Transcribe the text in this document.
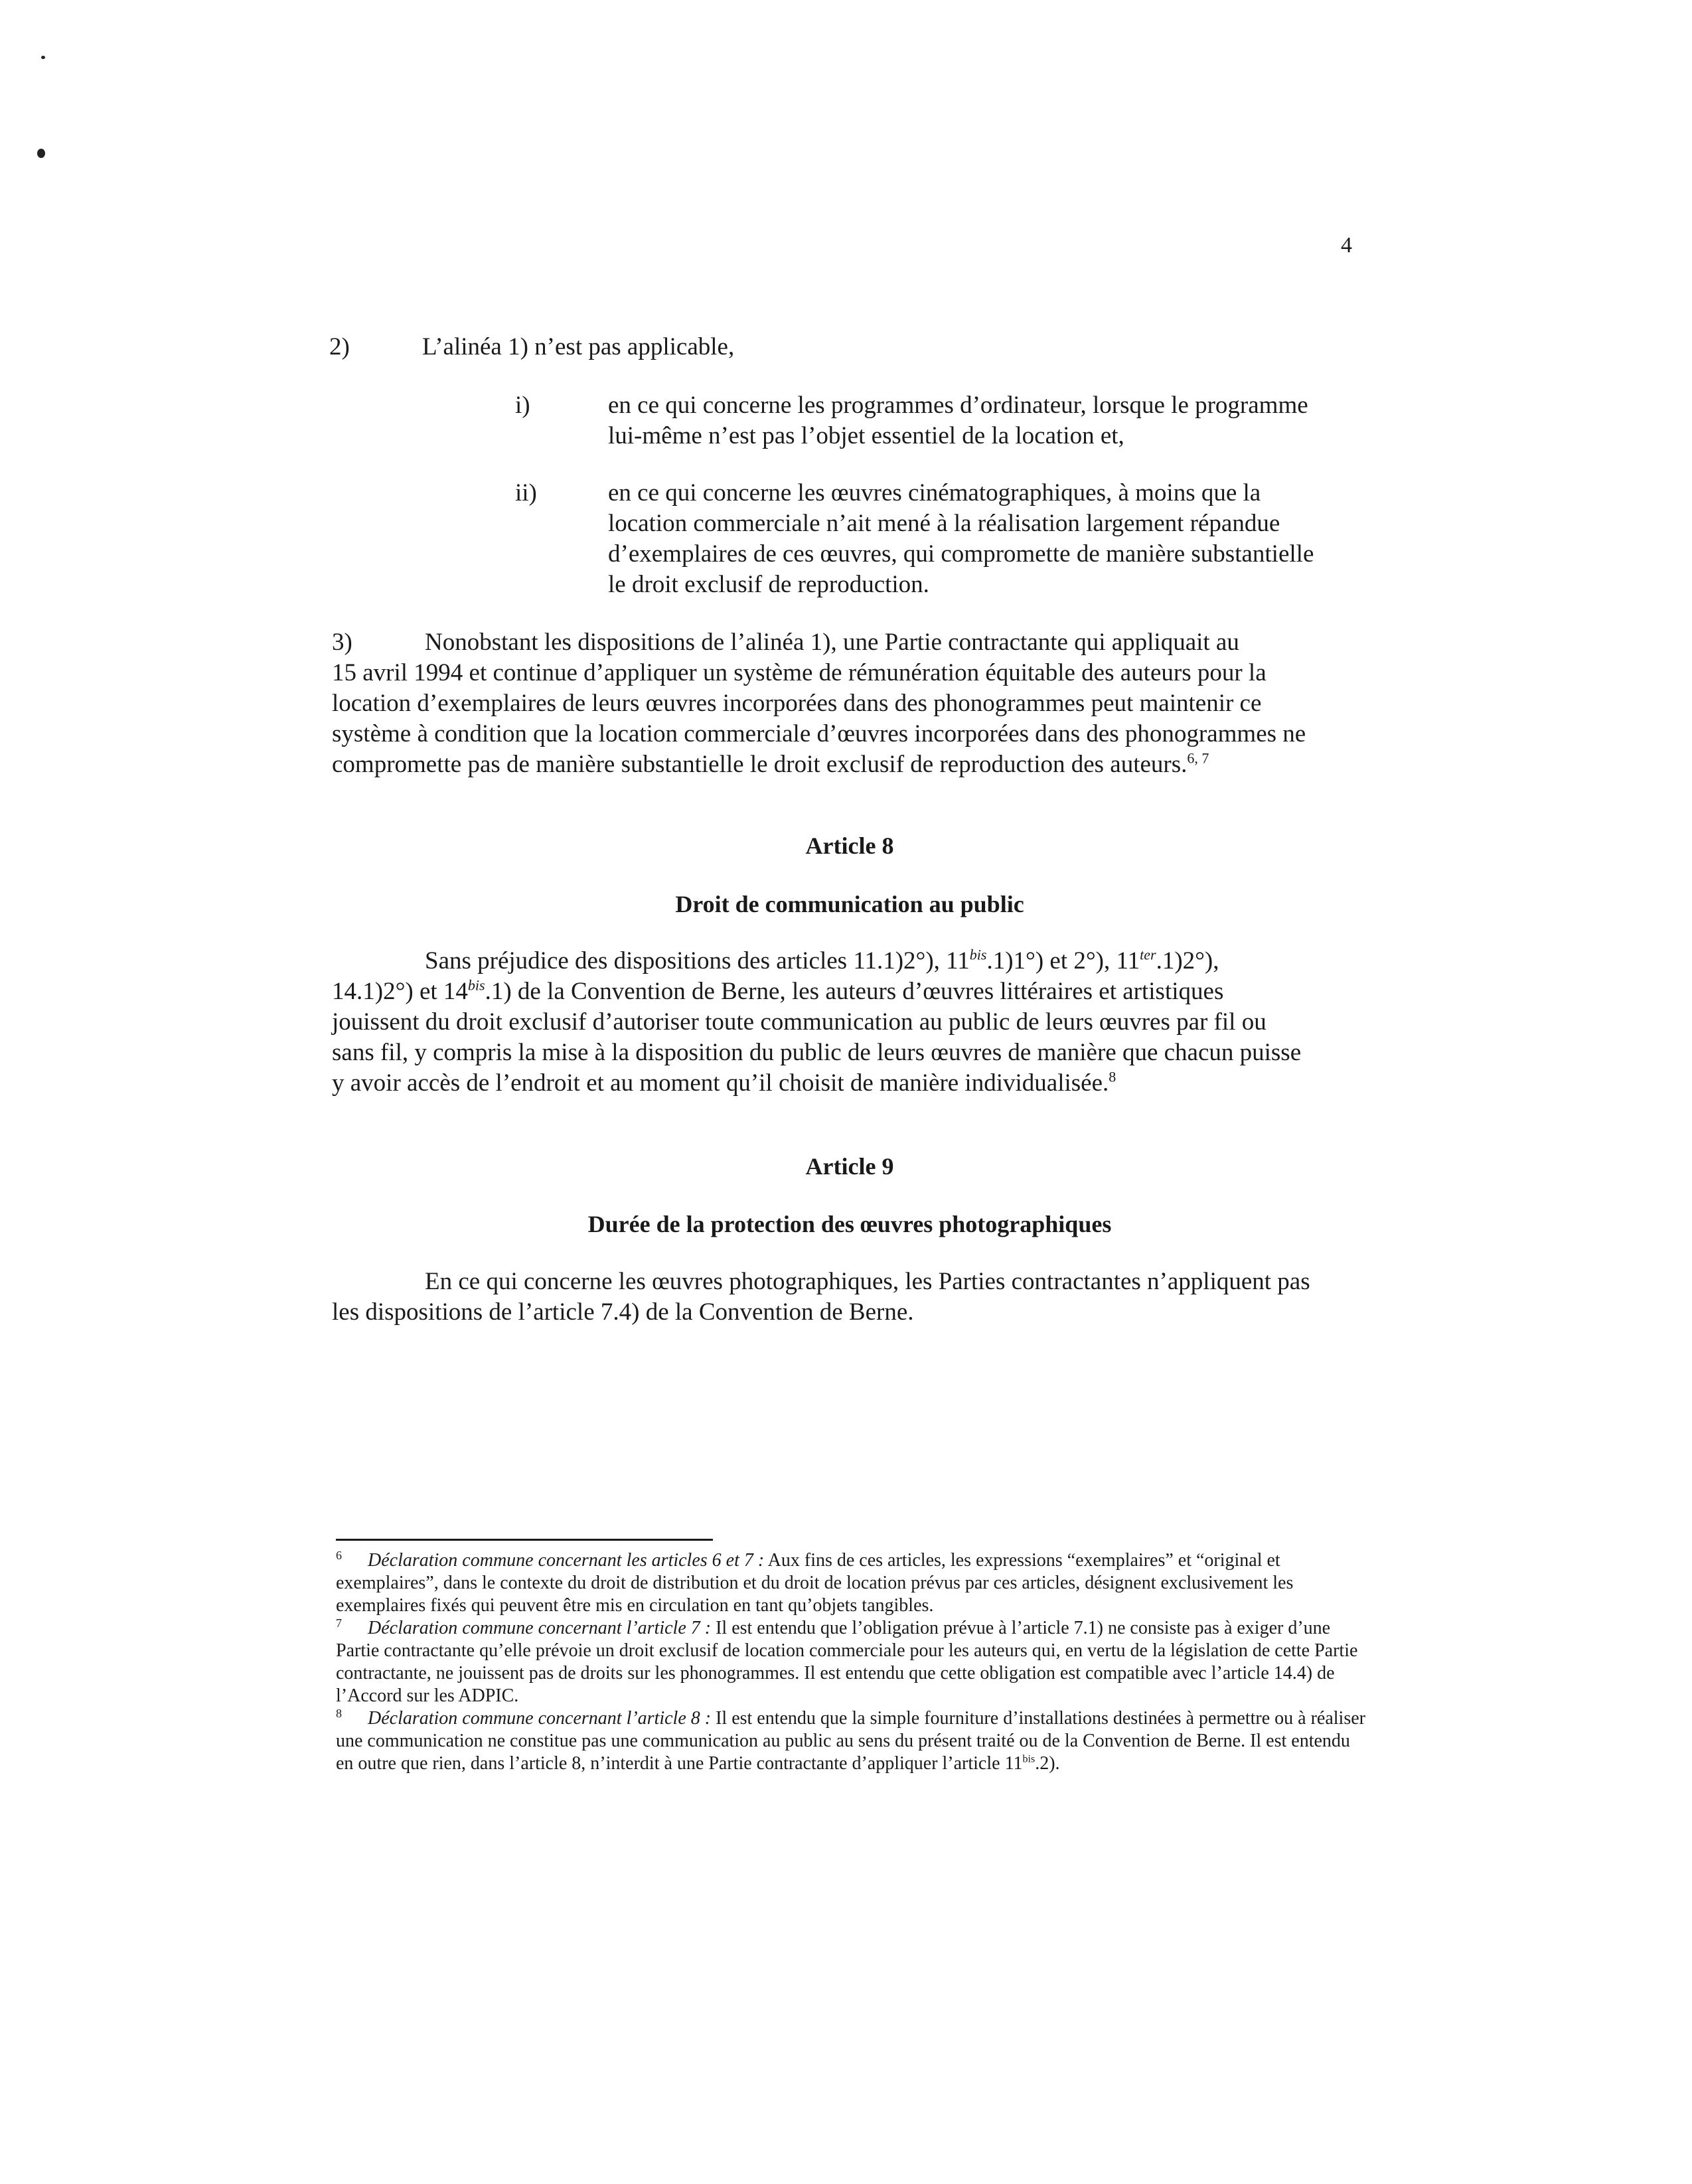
4
2)	L’alinéa 1) n’est pas applicable,
i)	en ce qui concerne les programmes d’ordinateur, lorsque le programme
lui-même n’est pas l’objet essentiel de la location et,
ii)	en ce qui concerne les œuvres cinématographiques, à moins que la
location commerciale n’ait mené à la réalisation largement répandue
d’exemplaires de ces œuvres, qui compromette de manière substantielle
le droit exclusif de reproduction.
3)	Nonobstant les dispositions de l’alinéa 1), une Partie contractante qui appliquait au
15 avril 1994 et continue d’appliquer un système de rémunération équitable des auteurs pour la
location d’exemplaires de leurs œuvres incorporées dans des phonogrammes peut maintenir ce
système à condition que la location commerciale d’œuvres incorporées dans des phonogrammes ne
compromette pas de manière substantielle le droit exclusif de reproduction des auteurs.$^{6, 7}$
Article 8
Droit de communication au public
Sans préjudice des dispositions des articles 11.1)2°), $11^{bis}.1)1^\circ$) et 2°), $11^{ter}.1)2^\circ$),
14.1)2°) et $14^{bis}.1$) de la Convention de Berne, les auteurs d’œuvres littéraires et artistiques
jouissent du droit exclusif d’autoriser toute communication au public de leurs œuvres par fil ou
sans fil, y compris la mise à la disposition du public de leurs œuvres de manière que chacun puisse
y avoir accès de l’endroit et au moment qu’il choisit de manière individualisée.$^8$
Article 9
Durée de la protection des œuvres photographiques
En ce qui concerne les œuvres photographiques, les Parties contractantes n’appliquent pas
les dispositions de l’article 7.4) de la Convention de Berne.

6 Déclaration commune concernant les articles 6 et 7 : Aux fins de ces articles, les expressions “exemplaires” et “original et exemplaires”, dans le contexte du droit de distribution et du droit de location prévus par ces articles, désignent exclusivement les exemplaires fixés qui peuvent être mis en circulation en tant qu’objets tangibles.

7 Déclaration commune concernant l’article 7 : Il est entendu que l’obligation prévue à l’article 7.1) ne consiste pas à exiger d’une Partie contractante qu’elle prévoie un droit exclusif de location commerciale pour les auteurs qui, en vertu de la législation de cette Partie contractante, ne jouissent pas de droits sur les phonogrammes. Il est entendu que cette obligation est compatible avec l’article 14.4) de l’Accord sur les ADPIC.

8 Déclaration commune concernant l’article 8 : Il est entendu que la simple fourniture d’installations destinées à permettre ou à réaliser une communication ne constitue pas une communication au public au sens du présent traité ou de la Convention de Berne. Il est entendu en outre que rien, dans l’article 8, n’interdit à une Partie contractante d’appliquer l’article $11^{bis}.2$).
